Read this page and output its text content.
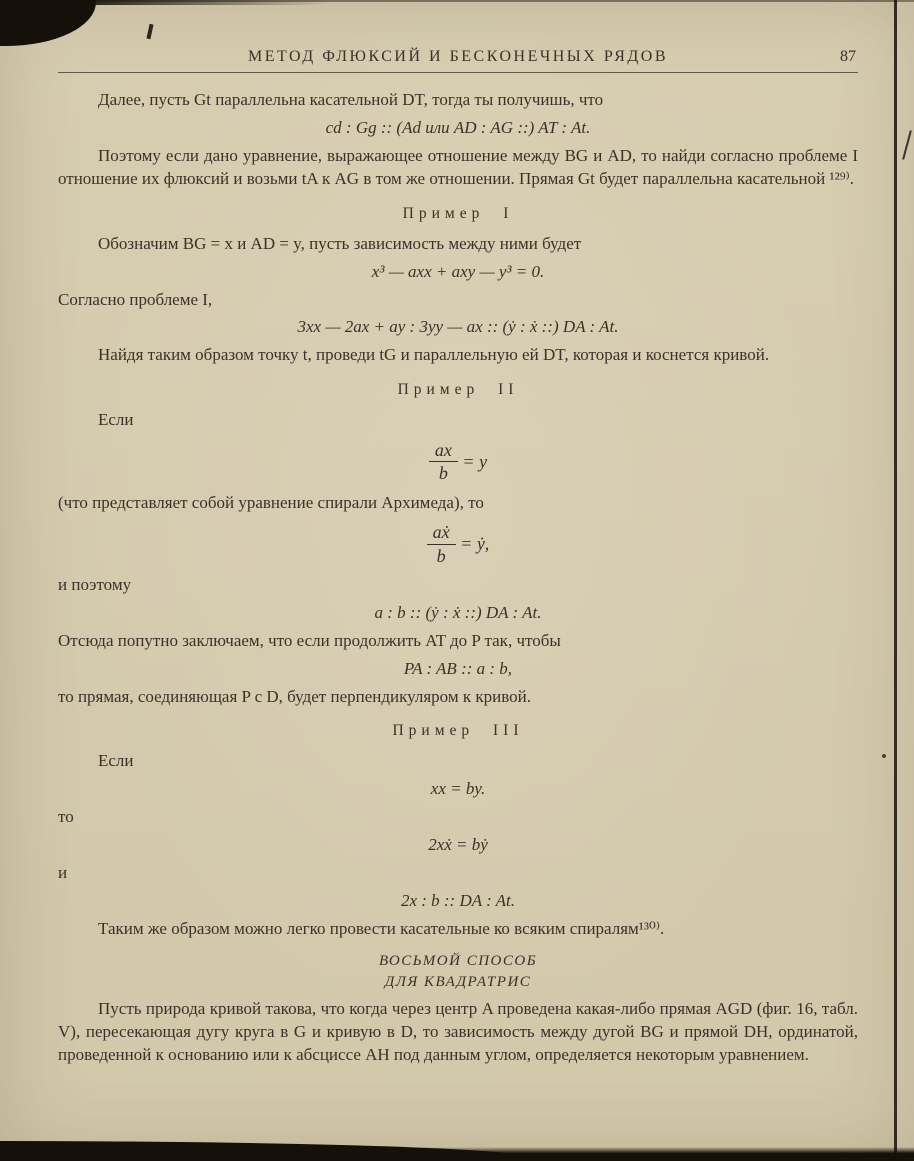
МЕТОД ФЛЮКСИЙ И БЕСКОНЕЧНЫХ РЯДОВ	87

Далее, пусть Gt параллельна касательной DT, тогда ты получишь, что

cd : Gg :: (Ad или AD : AG ::) AT : At.

Поэтому если дано уравнение, выражающее отношение между BG и AD, то найди согласно проблеме I отношение их флюксий и возьми tA к AG в том же отношении. Прямая Gt будет параллельна касательной ¹²⁹⁾.

Пример I

Обозначим BG = x и AD = y, пусть зависимость между ними будет

x³ — axx + axy — y³ = 0.

Согласно проблеме I,

3xx — 2ax + ay : 3yy — ax :: (ẏ : ẋ ::) DA : At.

Найдя таким образом точку t, проведи tG и параллельную ей DT, которая и коснется кривой.

Пример II

Если

$\frac{ax}{b} = y$

(что представляет собой уравнение спирали Архимеда), то

$\frac{\text{aẋ}}{b}$ = ẏ,

и поэтому

a : b :: (ẏ : ẋ ::) DA : At.

Отсюда попутно заключаем, что если продолжить AT до P так, чтобы

PA : AB :: a : b,

то прямая, соединяющая P с D, будет перпендикуляром к кривой.

Пример III

Если

xx = by.

то

2xẋ = bẏ

и

2x : b :: DA : At.

Таким же образом можно легко провести касательные ко всяким спиралям¹³⁰⁾.

ВОСЬМОЙ СПОСОБ
ДЛЯ КВАДРАТРИС

Пусть природа кривой такова, что когда через центр A проведена какая-либо прямая AGD (фиг. 16, табл. V), пересекающая дугу круга в G и кривую в D, то зависимость между дугой BG и прямой DH, ординатой, проведенной к основанию или к абсциссе AH под данным углом, определяется некоторым уравнением.
